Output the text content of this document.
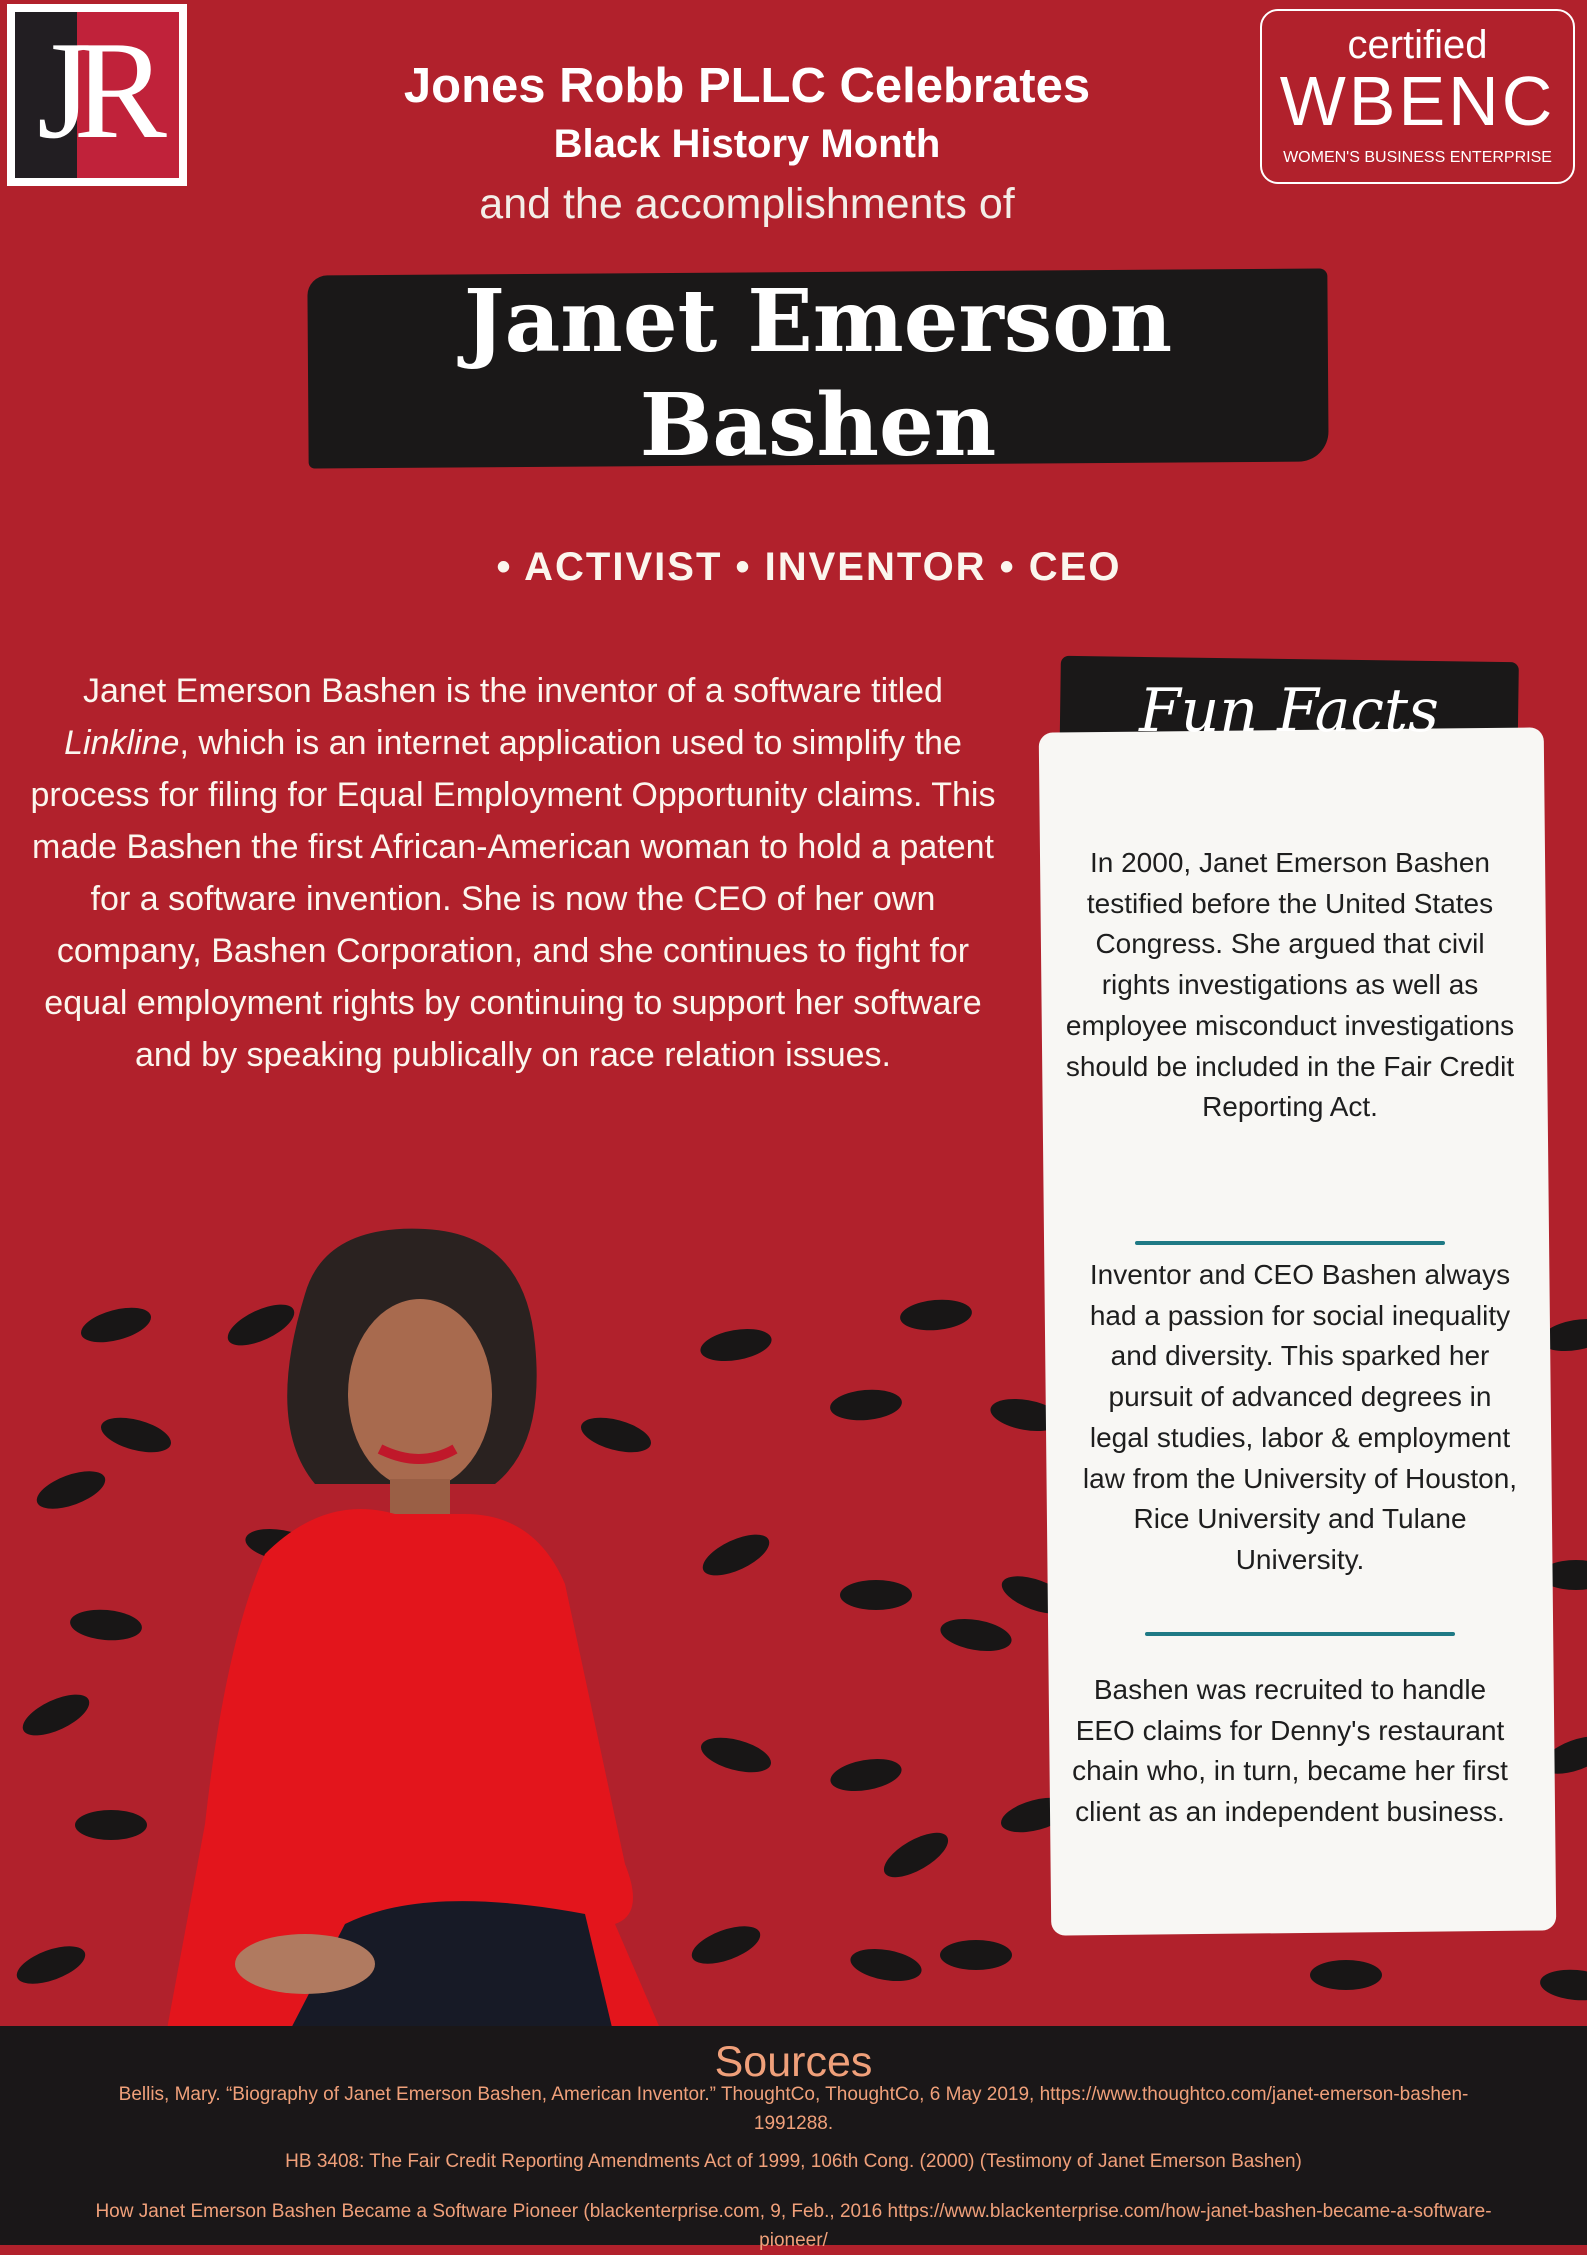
JR	certified
WBENC
WOMEN'S BUSINESS ENTERPRISE
Jones Robb PLLC Celebrates
Black History Month
and the accomplishments of
Janet Emerson
Bashen
• ACTIVIST • INVENTOR • CEO
Janet Emerson Bashen is the inventor of a software titled Linkline, which is an internet application used to simplify the process for filing for Equal Employment Opportunity claims. This made Bashen the first African-American woman to hold a patent for a software invention. She is now the CEO of her own company, Bashen Corporation, and she continues to fight for equal employment rights by continuing to support her software and by speaking publically on race relation issues.
Fun Facts
In 2000, Janet Emerson Bashen testified before the United States Congress. She argued that civil rights investigations as well as employee misconduct investigations should be included in the Fair Credit Reporting Act.
Inventor and CEO Bashen always had a passion for social inequality and diversity. This sparked her pursuit of advanced degrees in legal studies, labor & employment law from the University of Houston, Rice University and Tulane University.
Bashen was recruited to handle EEO claims for Denny's restaurant chain who, in turn, became her first client as an independent business.
Sources
Bellis, Mary. “Biography of Janet Emerson Bashen, American Inventor.” ThoughtCo, ThoughtCo, 6 May 2019, https://www.thoughtco.com/janet-emerson-bashen-1991288.
HB 3408: The Fair Credit Reporting Amendments Act of 1999, 106th Cong. (2000) (Testimony of Janet Emerson Bashen)
How Janet Emerson Bashen Became a Software Pioneer (blackenterprise.com, 9, Feb., 2016 https://www.blackenterprise.com/how-janet-bashen-became-a-software-pioneer/
